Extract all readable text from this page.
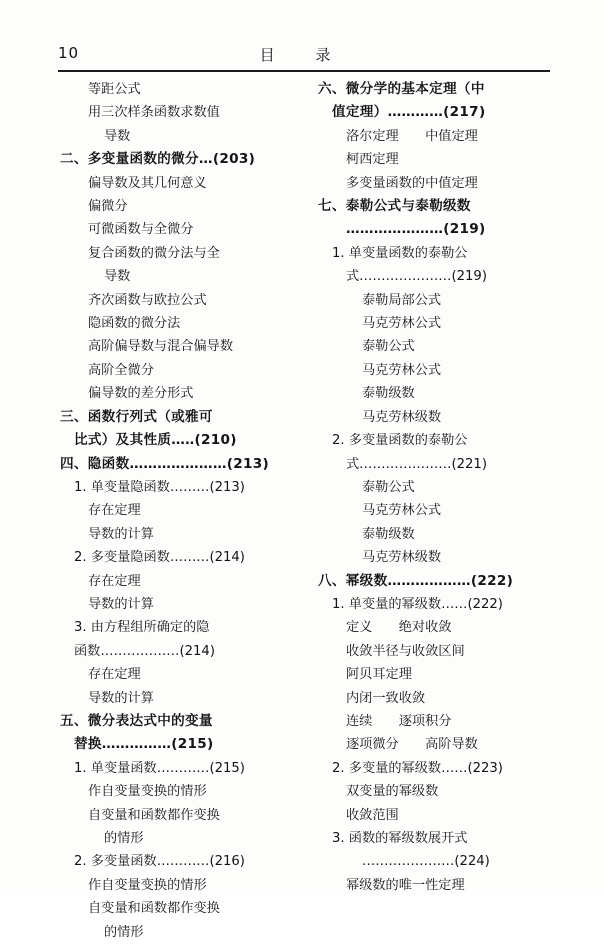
10	目 录
等距公式
用三次样条函数求数值
导数
二、多变量函数的微分…(203)
偏导数及其几何意义
偏微分
可微函数与全微分
复合函数的微分法与全
导数
齐次函数与欧拉公式
隐函数的微分法
高阶偏导数与混合偏导数
高阶全微分
偏导数的差分形式
三、函数行列式（或雅可
比式）及其性质…‥(210)
四、隐函数…………………(213)
1. 单变量隐函数………(213)
存在定理
导数的计算
2. 多变量隐函数………(214)
存在定理
导数的计算
3. 由方程组所确定的隐
函数………………(214)
存在定理
导数的计算
五、微分表达式中的变量
替换……………(215)
1. 单变量函数…………(215)
作自变量变换的情形
自变量和函数都作变换
的情形
2. 多变量函数…………(216)
作自变量变换的情形
自变量和函数都作变换
的情形
六、微分学的基本定理（中
值定理）…………(217)
洛尔定理　　中值定理
柯西定理
多变量函数的中值定理
七、泰勒公式与泰勒级数
…………………(219)
1. 单变量函数的泰勒公
式…………………(219)
泰勒局部公式
马克劳林公式
泰勒公式
马克劳林公式
泰勒级数
马克劳林级数
2. 多变量函数的泰勒公
式…………………(221)
泰勒公式
马克劳林公式
泰勒级数
马克劳林级数
八、幂级数………………(222)
1. 单变量的幂级数……(222)
定义　　绝对收敛
收敛半径与收敛区间
阿贝耳定理
内闭一致收敛
连续　　逐项积分
逐项微分　　高阶导数
2. 多变量的幂级数……(223)
双变量的幂级数
收敛范围
3. 函数的幂级数展开式
…………………(224)
幂级数的唯一性定理
